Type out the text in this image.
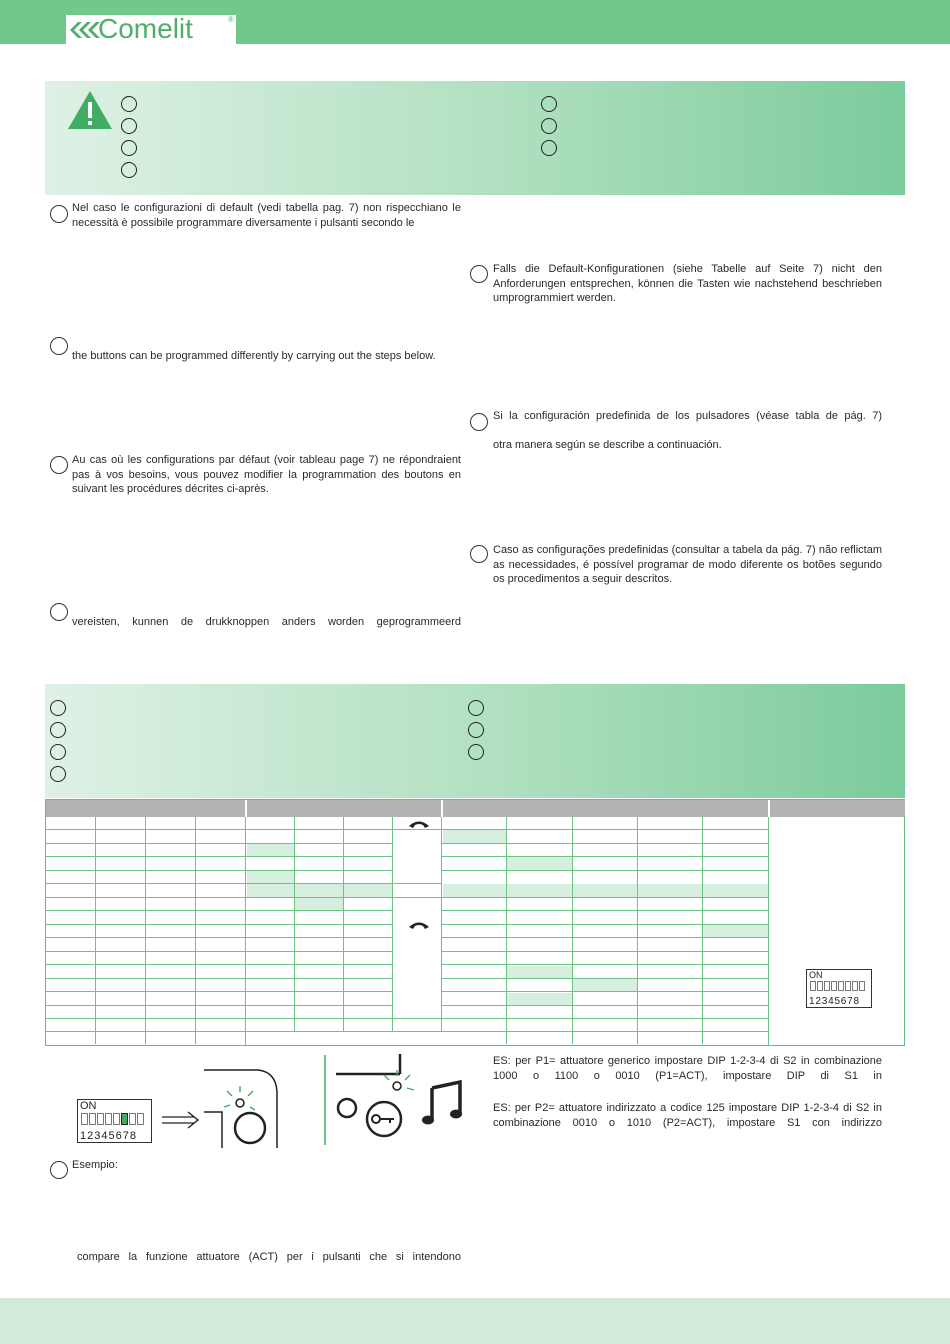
Comelit	®
Nel caso le configurazioni di default (vedi tabella pag. 7) non rispecchiano le necessità è possibile programmare diversamente i pulsanti secondo le
the buttons can be programmed differently by carrying out the steps below.
Au cas où les configurations par défaut (voir tableau page 7) ne répondraient pas à vos besoins, vous pouvez modifier la programmation des boutons en suivant les procédures décrites ci-après.
vereisten, kunnen de drukknoppen anders worden geprogrammeerd
Falls die Default-Konfigurationen (siehe Tabelle auf Seite 7) nicht den Anforderungen entsprechen, können die Tasten wie nachstehend beschrieben umprogrammiert werden.
Si la configuración predefinida de los pulsadores (véase tabla de pág. 7)
otra manera según se describe a continuación.
Caso as configurações predefinidas (consultar a tabela da pág. 7) não reflictam as necessidades, é possível programar de modo diferente os botões segundo os procedimentos a seguir descritos.
ON
12345678
ON
12345678
ES: per P1= attuatore generico impostare DIP 1-2-3-4 di S2 in combinazione 1000 o 1100 o 0010 (P1=ACT), impostare DIP di S1 in
ES: per P2= attuatore indirizzato a codice 125 impostare DIP 1-2-3-4 di S2 in combinazione 0010 o 1010 (P2=ACT), impostare S1 con indirizzo
Esempio:
compare la funzione attuatore (ACT) per i pulsanti che si intendono
